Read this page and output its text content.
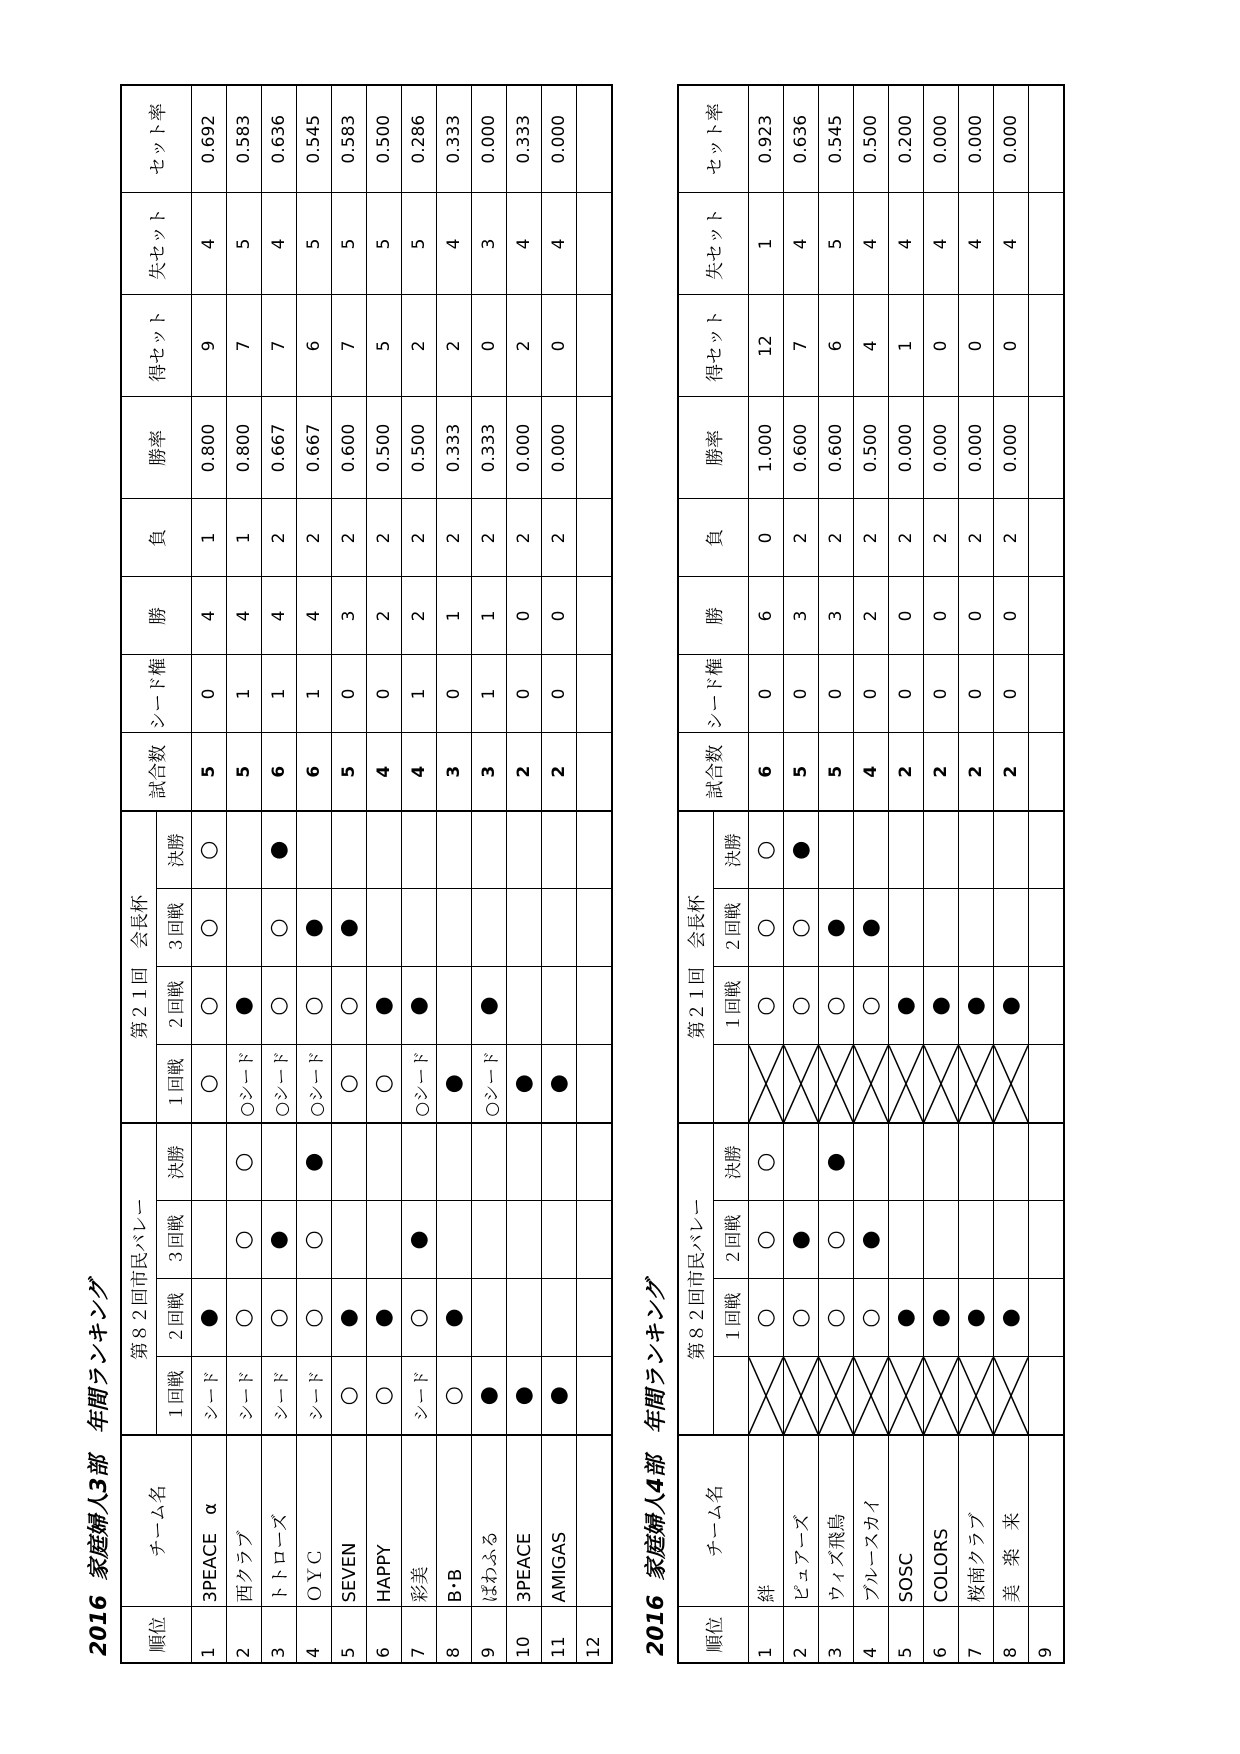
2016家庭婦人3部　年間ランキング
順位	チーム名	第８２回市民バレー				第２１回　会長杯				試合数	シード権	勝	負	勝率	得セット	失セット	セット率
		１回戦	２回戦	３回戦	決勝	１回戦	２回戦	３回戦	決勝								
1	3PEACE　α	シード	●			○	○	○	○	5	0	4	1	0.800	9	4	0.692
2	西クラブ	シード	○	○	○	○シード	●			5	1	4	1	0.800	7	5	0.583
3	トトローズ	シード	○	●		○シード	○	○	●	6	1	4	2	0.667	7	4	0.636
4	ＯＹＣ	シード	○	○	●	○シード	○	●		6	1	4	2	0.667	6	5	0.545
5	SEVEN	○	●			○	○	●		5	0	3	2	0.600	7	5	0.583
6	HAPPY	○	●			○	●			4	0	2	2	0.500	5	5	0.500
7	彩美	シード	○	●		○シード	●			4	1	2	2	0.500	2	5	0.286
8	B･B	○	●			●				3	0	1	2	0.333	2	4	0.333
9	ぱわふる	●				○シード	●			3	1	1	2	0.333	0	3	0.000
10	3PEACE	●				●				2	0	0	2	0.000	2	4	0.333
11	AMIGAS	●				●				2	0	0	2	0.000	0	4	0.000
12																		2016家庭婦人4部　年間ランキング
順位	チーム名	第８２回市民バレー				第２１回　会長杯				試合数	シード権	勝	負	勝率	得セット	失セット	セット率
			１回戦	２回戦	決勝		１回戦	２回戦	決勝								
1	絆		○	○	○		○	○	○	6	0	6	0	1.000	12	1	0.923
2	ピュアーズ		○	●			○	○	●	5	0	3	2	0.600	7	4	0.636
3	ウィズ飛鳥		○	○	●		○	●		5	0	3	2	0.600	6	5	0.545
4	ブルースカイ		○	●			○	●		4	0	2	2	0.500	4	4	0.500
5	SOSC		●				●			2	0	0	2	0.000	1	4	0.200
6	COLORS		●				●			2	0	0	2	0.000	0	4	0.000
7	桜南クラブ		●				●			2	0	0	2	0.000	0	4	0.000
8	美　楽　来		●				●			2	0	0	2	0.000	0	4	0.000
9																	
